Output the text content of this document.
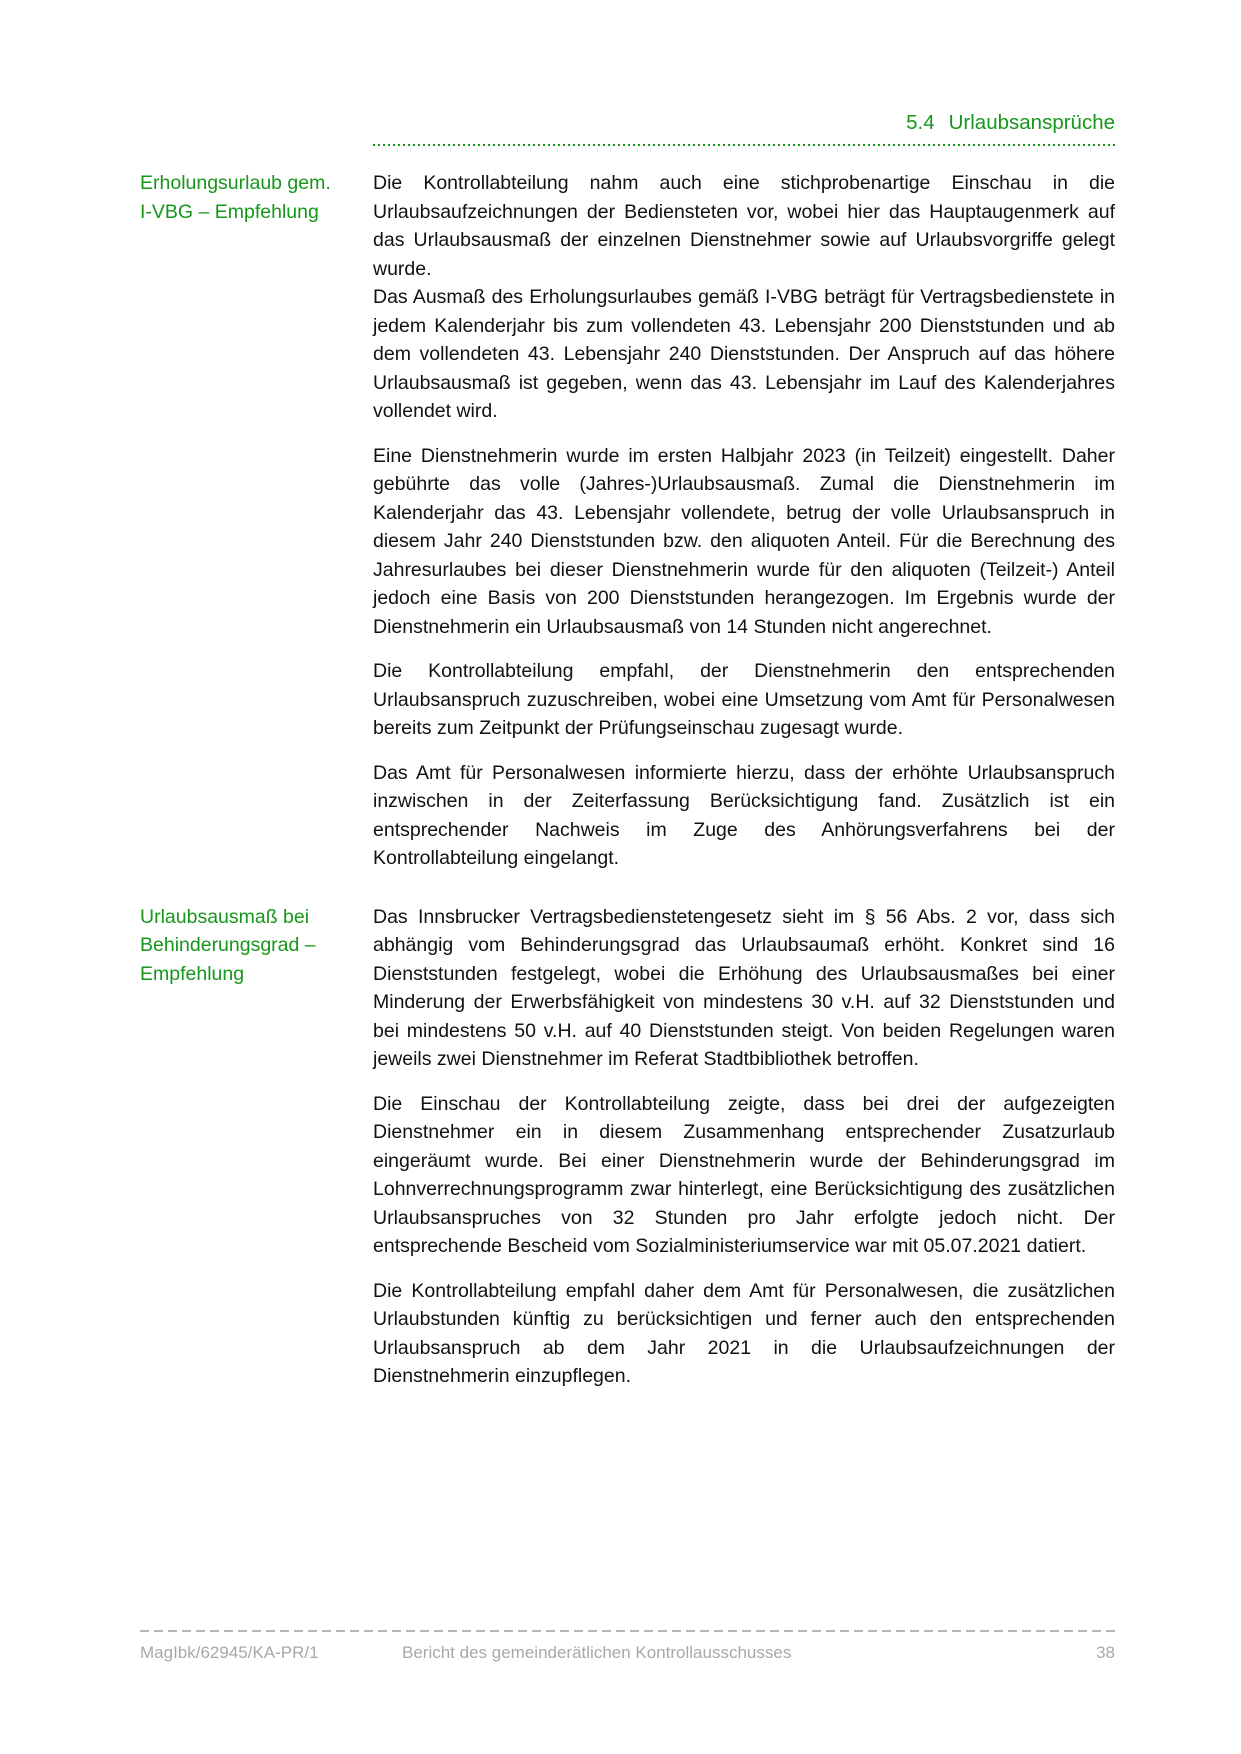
5.4 Urlaubsansprüche
Erholungsurlaub gem. I-VBG – Empfehlung

Die Kontrollabteilung nahm auch eine stichprobenartige Einschau in die Urlaubsaufzeichnungen der Bediensteten vor, wobei hier das Hauptaugenmerk auf das Urlaubsausmaß der einzelnen Dienstnehmer sowie auf Urlaubsvorgriffe gelegt wurde.

Das Ausmaß des Erholungsurlaubes gemäß I-VBG beträgt für Vertragsbedienstete in jedem Kalenderjahr bis zum vollendeten 43. Lebensjahr 200 Dienststunden und ab dem vollendeten 43. Lebensjahr 240 Dienststunden. Der Anspruch auf das höhere Urlaubsausmaß ist gegeben, wenn das 43. Lebensjahr im Lauf des Kalenderjahres vollendet wird.

Eine Dienstnehmerin wurde im ersten Halbjahr 2023 (in Teilzeit) eingestellt. Daher gebührte das volle (Jahres-)Urlaubsausmaß. Zumal die Dienstnehmerin im Kalenderjahr das 43. Lebensjahr vollendete, betrug der volle Urlaubsanspruch in diesem Jahr 240 Dienststunden bzw. den aliquoten Anteil. Für die Berechnung des Jahresurlaubes bei dieser Dienstnehmerin wurde für den aliquoten (Teilzeit-) Anteil jedoch eine Basis von 200 Dienststunden herangezogen. Im Ergebnis wurde der Dienstnehmerin ein Urlaubsausmaß von 14 Stunden nicht angerechnet.

Die Kontrollabteilung empfahl, der Dienstnehmerin den entsprechenden Urlaubsanspruch zuzuschreiben, wobei eine Umsetzung vom Amt für Personalwesen bereits zum Zeitpunkt der Prüfungseinschau zugesagt wurde.

Das Amt für Personalwesen informierte hierzu, dass der erhöhte Urlaubsanspruch inzwischen in der Zeiterfassung Berücksichtigung fand. Zusätzlich ist ein entsprechender Nachweis im Zuge des Anhörungsverfahrens bei der Kontrollabteilung eingelangt.

Urlaubsausmaß bei Behinderungsgrad – Empfehlung

Das Innsbrucker Vertragsbedienstetengesetz sieht im § 56 Abs. 2 vor, dass sich abhängig vom Behinderungsgrad das Urlaubsaumaß erhöht. Konkret sind 16 Dienststunden festgelegt, wobei die Erhöhung des Urlaubsausmaßes bei einer Minderung der Erwerbsfähigkeit von mindestens 30 v.H. auf 32 Dienststunden und bei mindestens 50 v.H. auf 40 Dienststunden steigt. Von beiden Regelungen waren jeweils zwei Dienstnehmer im Referat Stadtbibliothek betroffen.

Die Einschau der Kontrollabteilung zeigte, dass bei drei der aufgezeigten Dienstnehmer ein in diesem Zusammenhang entsprechender Zusatzurlaub eingeräumt wurde. Bei einer Dienstnehmerin wurde der Behinderungsgrad im Lohnverrechnungsprogramm zwar hinterlegt, eine Berücksichtigung des zusätzlichen Urlaubsanspruches von 32 Stunden pro Jahr erfolgte jedoch nicht. Der entsprechende Bescheid vom Sozialministeriumservice war mit 05.07.2021 datiert.

Die Kontrollabteilung empfahl daher dem Amt für Personalwesen, die zusätzlichen Urlaubstunden künftig zu berücksichtigen und ferner auch den entsprechenden Urlaubsanspruch ab dem Jahr 2021 in die Urlaubsaufzeichnungen der Dienstnehmerin einzupflegen.

MagIbk/62945/KA-PR/1	Bericht des gemeinderätlichen Kontrollausschusses	38
